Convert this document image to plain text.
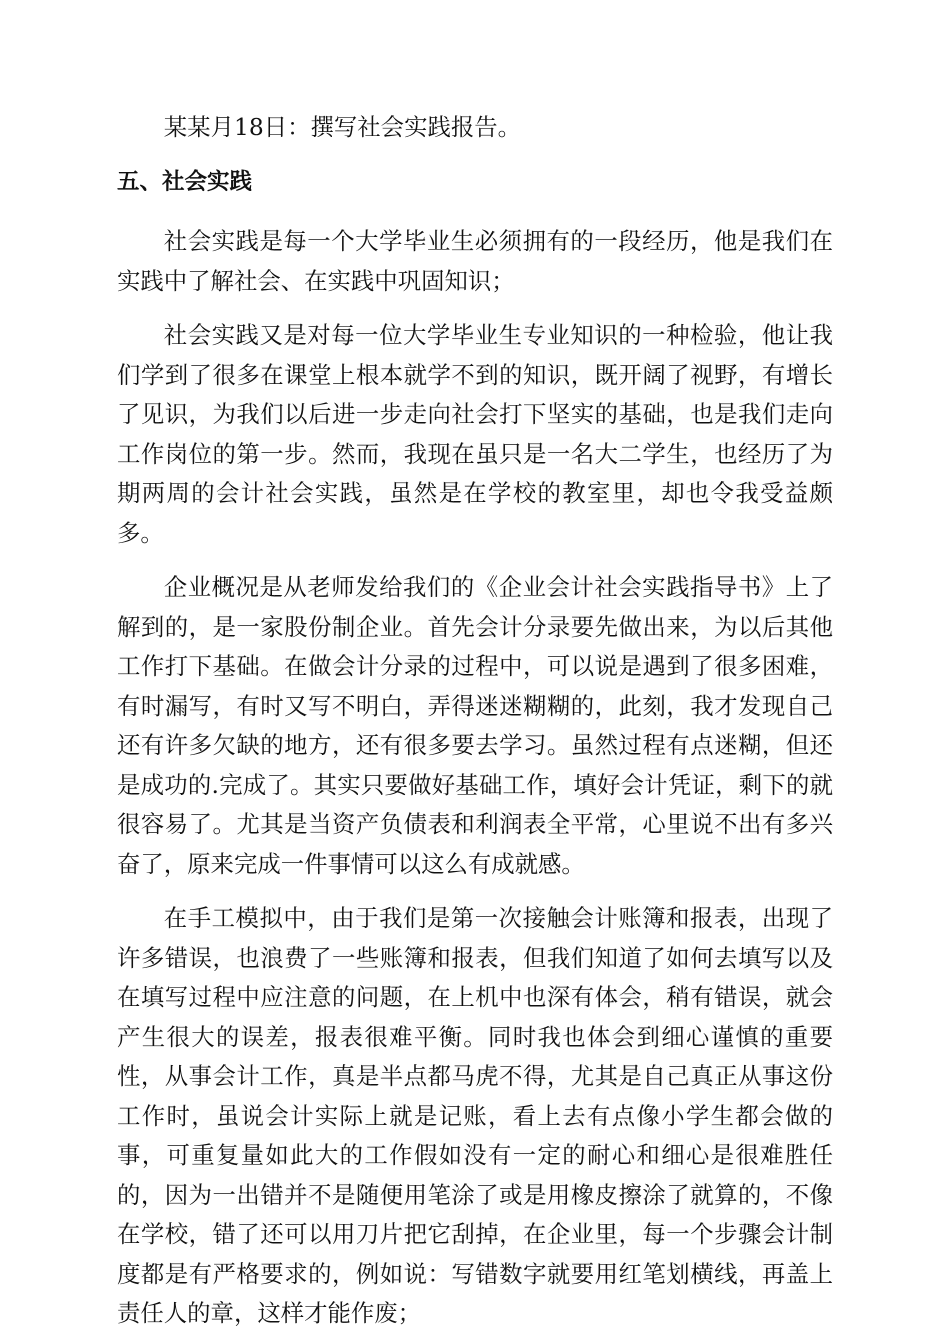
某某月18日：撰写社会实践报告。

五、社会实践

社会实践是每一个大学毕业生必须拥有的一段经历，他是我们在实践中了解社会、在实践中巩固知识；

社会实践又是对每一位大学毕业生专业知识的一种检验，他让我们学到了很多在课堂上根本就学不到的知识，既开阔了视野，有增长了见识，为我们以后进一步走向社会打下坚实的基础，也是我们走向工作岗位的第一步。然而，我现在虽只是一名大二学生，也经历了为期两周的会计社会实践，虽然是在学校的教室里，却也令我受益颇多。

企业概况是从老师发给我们的《企业会计社会实践指导书》上了解到的，是一家股份制企业。首先会计分录要先做出来，为以后其他工作打下基础。在做会计分录的过程中，可以说是遇到了很多困难，有时漏写，有时又写不明白，弄得迷迷糊糊的，此刻，我才发现自己还有许多欠缺的地方，还有很多要去学习。虽然过程有点迷糊，但还是成功的.完成了。其实只要做好基础工作，填好会计凭证，剩下的就很容易了。尤其是当资产负债表和利润表全平常，心里说不出有多兴奋了，原来完成一件事情可以这么有成就感。

在手工模拟中，由于我们是第一次接触会计账簿和报表，出现了许多错误，也浪费了一些账簿和报表，但我们知道了如何去填写以及在填写过程中应注意的问题，在上机中也深有体会，稍有错误，就会产生很大的误差，报表很难平衡。同时我也体会到细心谨慎的重要性，从事会计工作，真是半点都马虎不得，尤其是自己真正从事这份工作时，虽说会计实际上就是记账，看上去有点像小学生都会做的事，可重复量如此大的工作假如没有一定的耐心和细心是很难胜任的，因为一出错并不是随便用笔涂了或是用橡皮擦涂了就算的，不像在学校，错了还可以用刀片把它刮掉，在企业里，每一个步骤会计制度都是有严格要求的，例如说：写错数字就要用红笔划横线，再盖上责任人的章，这样才能作废；
